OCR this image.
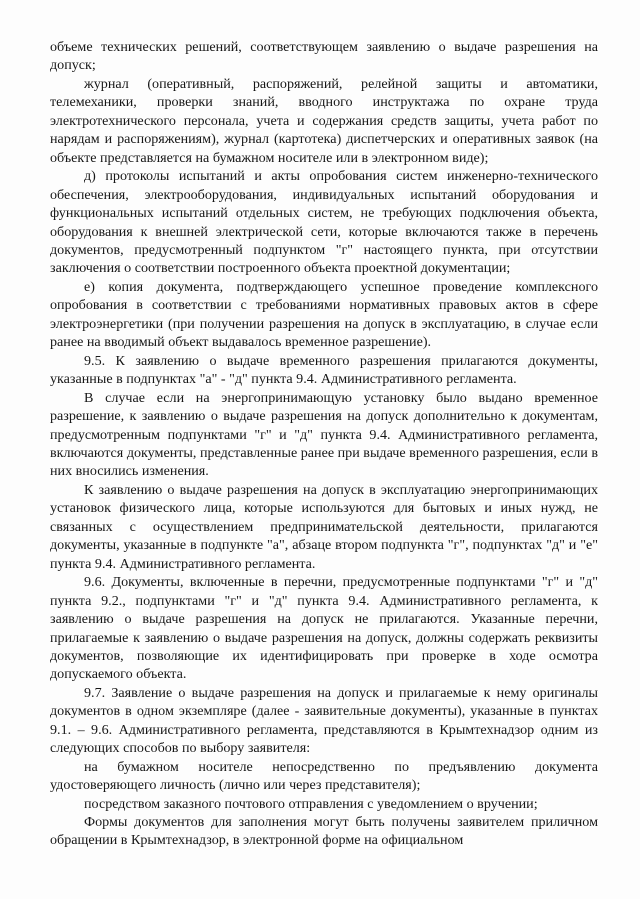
объеме технических решений, соответствующем заявлению о выдаче разрешения на допуск;

журнал (оперативный, распоряжений, релейной защиты и автоматики, телемеханики, проверки знаний, вводного инструктажа по охране труда электротехнического персонала, учета и содержания средств защиты, учета работ по нарядам и распоряжениям), журнал (картотека) диспетчерских и оперативных заявок (на объекте представляется на бумажном носителе или в электронном виде);

д) протоколы испытаний и акты опробования систем инженерно-технического обеспечения, электрооборудования, индивидуальных испытаний оборудования и функциональных испытаний отдельных систем, не требующих подключения объекта, оборудования к внешней электрической сети, которые включаются также в перечень документов, предусмотренный подпунктом "г" настоящего пункта, при отсутствии заключения о соответствии построенного объекта проектной документации;

е) копия документа, подтверждающего успешное проведение комплексного опробования в соответствии с требованиями нормативных правовых актов в сфере электроэнергетики (при получении разрешения на допуск в эксплуатацию, в случае если ранее на вводимый объект выдавалось временное разрешение).

9.5. К заявлению о выдаче временного разрешения прилагаются документы, указанные в подпунктах "а" - "д" пункта 9.4. Административного регламента.

В случае если на энергопринимающую установку было выдано временное разрешение, к заявлению о выдаче разрешения на допуск дополнительно к документам, предусмотренным подпунктами "г" и "д" пункта 9.4. Административного регламента, включаются документы, представленные ранее при выдаче временного разрешения, если в них вносились изменения.

К заявлению о выдаче разрешения на допуск в эксплуатацию энергопринимающих установок физического лица, которые используются для бытовых и иных нужд, не связанных с осуществлением предпринимательской деятельности, прилагаются документы, указанные в подпункте "а", абзаце втором подпункта "г", подпунктах "д" и "е" пункта 9.4. Административного регламента.

9.6. Документы, включенные в перечни, предусмотренные подпунктами "г" и "д" пункта 9.2., подпунктами "г" и "д" пункта 9.4. Административного регламента, к заявлению о выдаче разрешения на допуск не прилагаются. Указанные перечни, прилагаемые к заявлению о выдаче разрешения на допуск, должны содержать реквизиты документов, позволяющие их идентифицировать при проверке в ходе осмотра допускаемого объекта.

9.7. Заявление о выдаче разрешения на допуск и прилагаемые к нему оригиналы документов в одном экземпляре (далее - заявительные документы), указанные в пунктах 9.1. – 9.6. Административного регламента, представляются в Крымтехнадзор одним из следующих способов по выбору заявителя:

на бумажном носителе непосредственно по предъявлению документа удостоверяющего личность (лично или через представителя);

посредством заказного почтового отправления с уведомлением о вручении;

Формы документов для заполнения могут быть получены заявителем приличном обращении в Крымтехнадзор, в электронной форме на официальном
